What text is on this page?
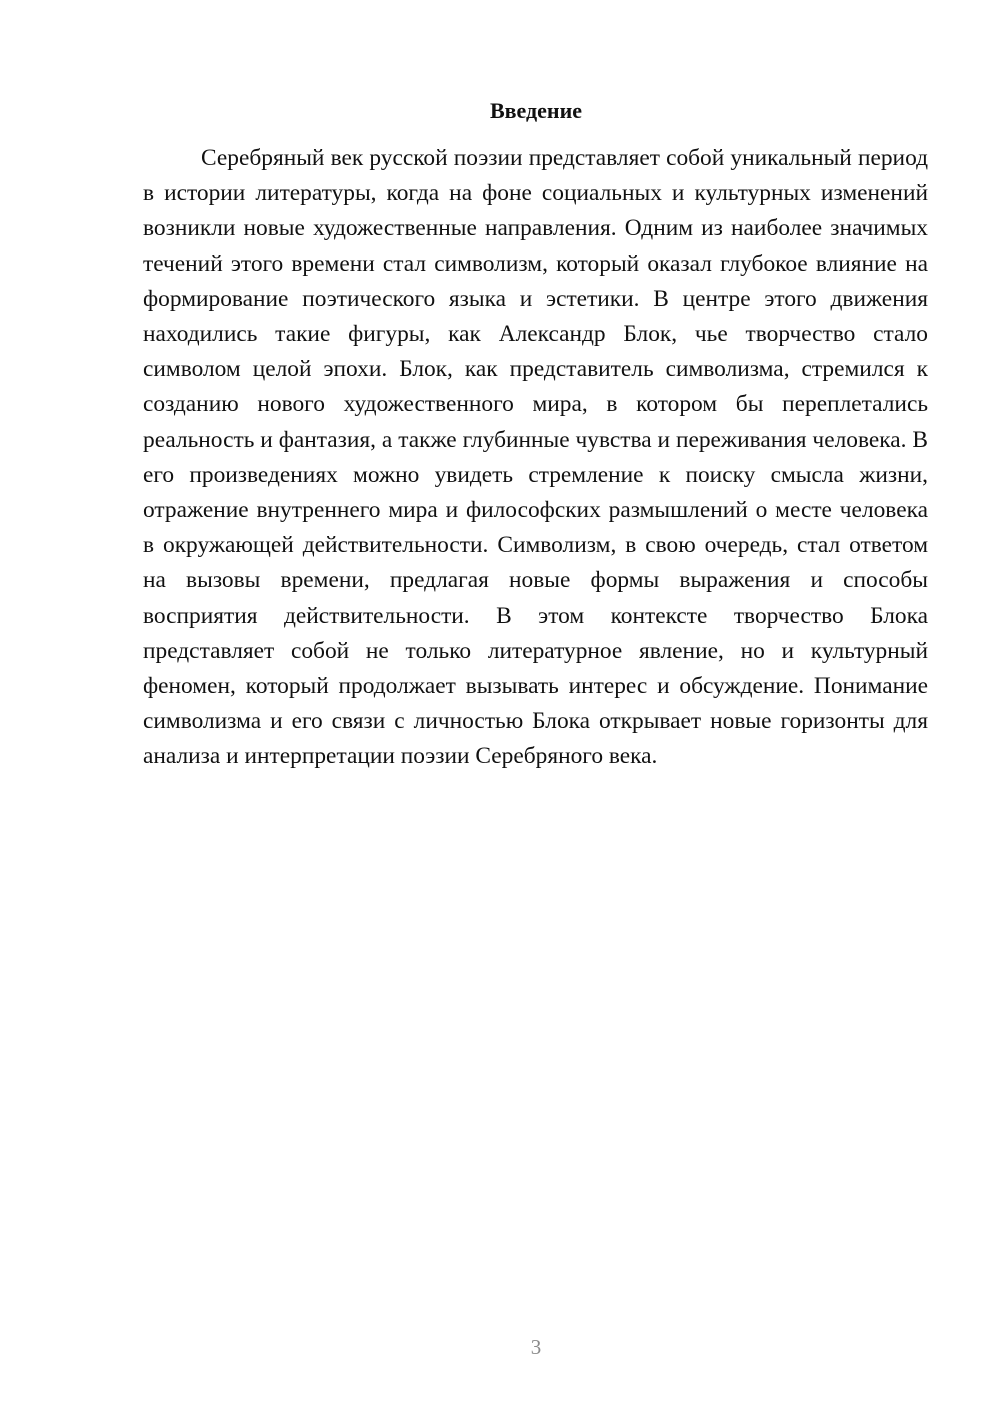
Введение

Серебряный век русской поэзии представляет собой уникальный период в истории литературы, когда на фоне социальных и культурных изменений возникли новые художественные направления. Одним из наиболее значимых течений этого времени стал символизм, который оказал глубокое влияние на формирование поэтического языка и эстетики. В центре этого движения находились такие фигуры, как Александр Блок, чье творчество стало символом целой эпохи. Блок, как представитель символизма, стремился к созданию нового художественного мира, в котором бы переплетались реальность и фантазия, а также глубинные чувства и переживания человека. В его произведениях можно увидеть стремление к поиску смысла жизни, отражение внутреннего мира и философских размышлений о месте человека в окружающей действительности. Символизм, в свою очередь, стал ответом на вызовы времени, предлагая новые формы выражения и способы восприятия действительности. В этом контексте творчество Блока представляет собой не только литературное явление, но и культурный феномен, который продолжает вызывать интерес и обсуждение. Понимание символизма и его связи с личностью Блока открывает новые горизонты для анализа и интерпретации поэзии Серебряного века.

3
